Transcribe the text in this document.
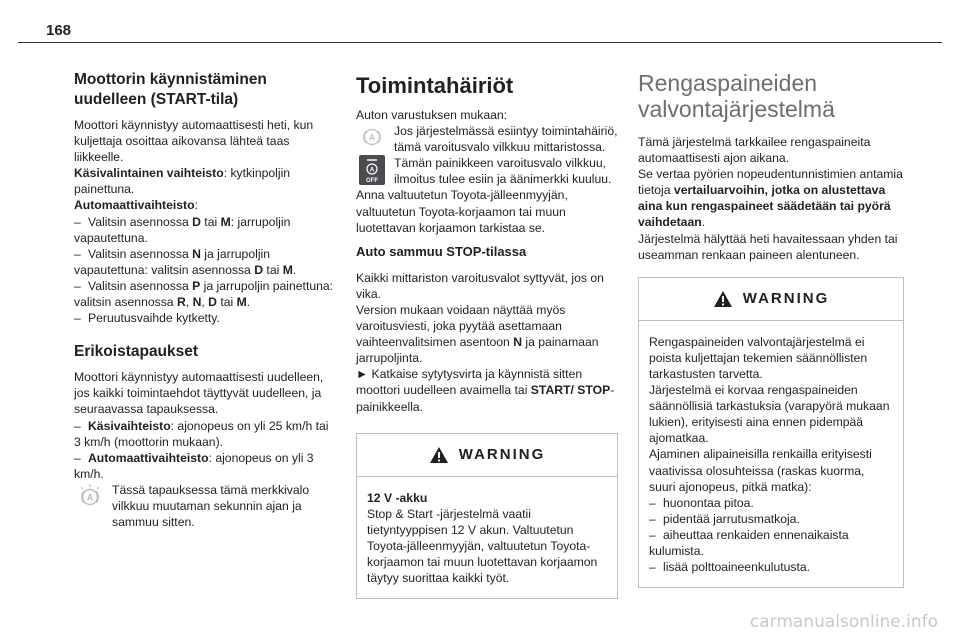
168
Moottorin käynnistäminen uudelleen (START-tila)

Moottori käynnistyy automaattisesti heti, kun kuljettaja osoittaa aikovansa lähteä taas liikkeelle.

Käsivalintainen vaihteisto: kytkinpoljin painettuna.

Automaattivaihteisto:

– Valitsin asennossa D tai M: jarrupoljin vapautettuna.

– Valitsin asennossa N ja jarrupoljin vapautettuna: valitsin asennossa D tai M.

– Valitsin asennossa P ja jarrupoljin painettuna: valitsin asennossa R, N, D tai M.

– Peruutusvaihde kytketty.

Erikoistapaukset

Moottori käynnistyy automaattisesti uudelleen, jos kaikki toimintaehdot täyttyvät uudelleen, ja seuraavassa tapauksessa.

– Käsivaihteisto: ajonopeus on yli 25 km/h tai 3 km/h (moottorin mukaan).

– Automaattivaihteisto: ajonopeus on yli 3 km/h.

A
Tässä tapauksessa tämä merkkivalo vilkkuu muutaman sekunnin ajan ja sammuu sitten.
Toimintahäiriöt

Auton varustuksen mukaan:

A Jos järjestelmässä esiintyy toimintahäiriö, tämä varoitusvalo vilkkuu mittaristossa.
A
OFF
Tämän painikkeen varoitusvalo vilkkuu, ilmoitus tulee esiin ja äänimerkki kuuluu.

Anna valtuutetun Toyota-jälleenmyyjän, valtuutetun Toyota-korjaamon tai muun luotettavan korjaamon tarkistaa se.

Auto sammuu STOP-tilassa

Kaikki mittariston varoitusvalot syttyvät, jos on vika.

Version mukaan voidaan näyttää myös varoitusviesti, joka pyytää asettamaan vaihteenvalitsimen asentoon N ja painamaan jarrupoljinta.

► Katkaise sytytysvirta ja käynnistä sitten moottori uudelleen avaimella tai START/ STOP-painikkeella.

WARNING

12 V -akku

Stop & Start -järjestelmä vaatii tietyntyyppisen 12 V akun. Valtuutetun Toyota-jälleenmyyjän, valtuutetun Toyota-korjaamon tai muun luotettavan korjaamon täytyy suorittaa kaikki työt.

Rengaspaineiden valvontajärjestelmä

Tämä järjestelmä tarkkailee rengaspaineita automaattisesti ajon aikana.

Se vertaa pyörien nopeudentunnistimien antamia tietoja vertailuarvoihin, jotka on alustettava aina kun rengaspaineet säädetään tai pyörä vaihdetaan.

Järjestelmä hälyttää heti havaitessaan yhden tai useamman renkaan paineen alentuneen.

WARNING

Rengaspaineiden valvontajärjestelmä ei poista kuljettajan tekemien säännöllisten tarkastusten tarvetta.

Järjestelmä ei korvaa rengaspaineiden säännöllisiä tarkastuksia (varapyörä mukaan lukien), erityisesti aina ennen pidempää ajomatkaa.

Ajaminen alipaineisilla renkailla erityisesti vaativissa olosuhteissa (raskas kuorma, suuri ajonopeus, pitkä matka):

– huonontaa pitoa.

– pidentää jarrutusmatkoja.

– aiheuttaa renkaiden ennenaikaista kulumista.

– lisää polttoaineenkulutusta.

carmanualsonline.info
